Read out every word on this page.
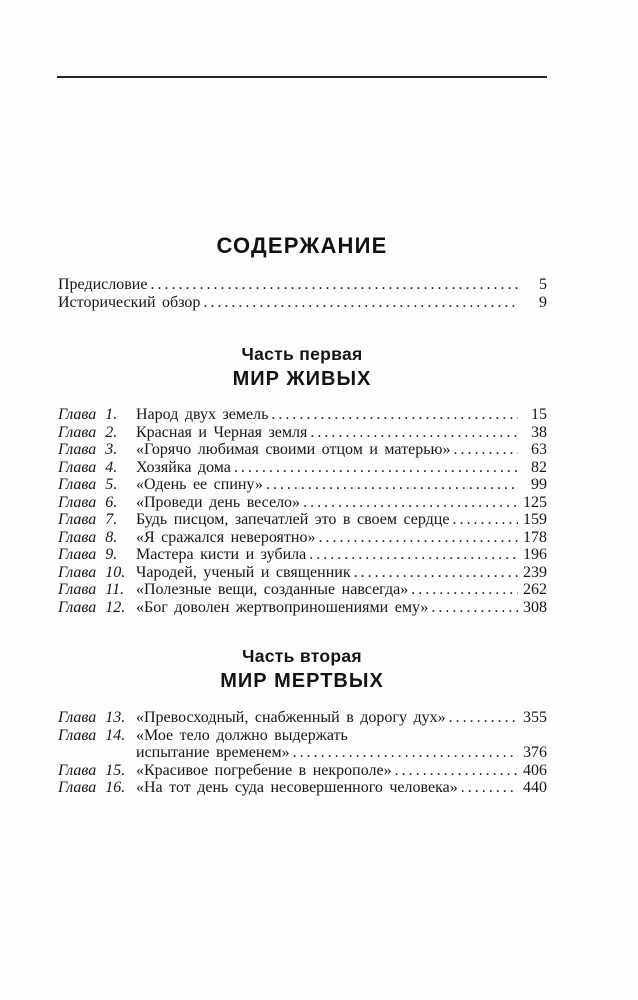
СОДЕРЖАНИЕ
Предисловие .....	5
Исторический обзор .....	9
Часть первая
МИР ЖИВЫХ
Глава 1.	Народ двух земель .....	15
Глава 2.	Красная и Черная земля .....	38
Глава 3.	«Горячо любимая своими отцом и матерью» .....	63
Глава 4.	Хозяйка дома .....	82
Глава 5.	«Одень ее спину» .....	99
Глава 6.	«Проведи день весело» .....	125
Глава 7.	Будь писцом, запечатлей это в своем сердце .....	159
Глава 8.	«Я сражался невероятно» .....	178
Глава 9.	Мастера кисти и зубила .....	196
Глава 10. Чародей, ученый и священник .....	239
Глава 11. «Полезные вещи, созданные навсегда» .....	262
Глава 12. «Бог доволен жертвоприношениями ему» .....	308
Часть вторая
МИР МЕРТВЫХ
Глава 13. «Превосходный, снабженный в дорогу дух» .....	355
Глава 14. «Мое тело должно выдержать
испытание временем» .....	376
Глава 15. «Красивое погребение в некрополе» .....	406
Глава 16. «На тот день суда несовершенного человека» .....	440
